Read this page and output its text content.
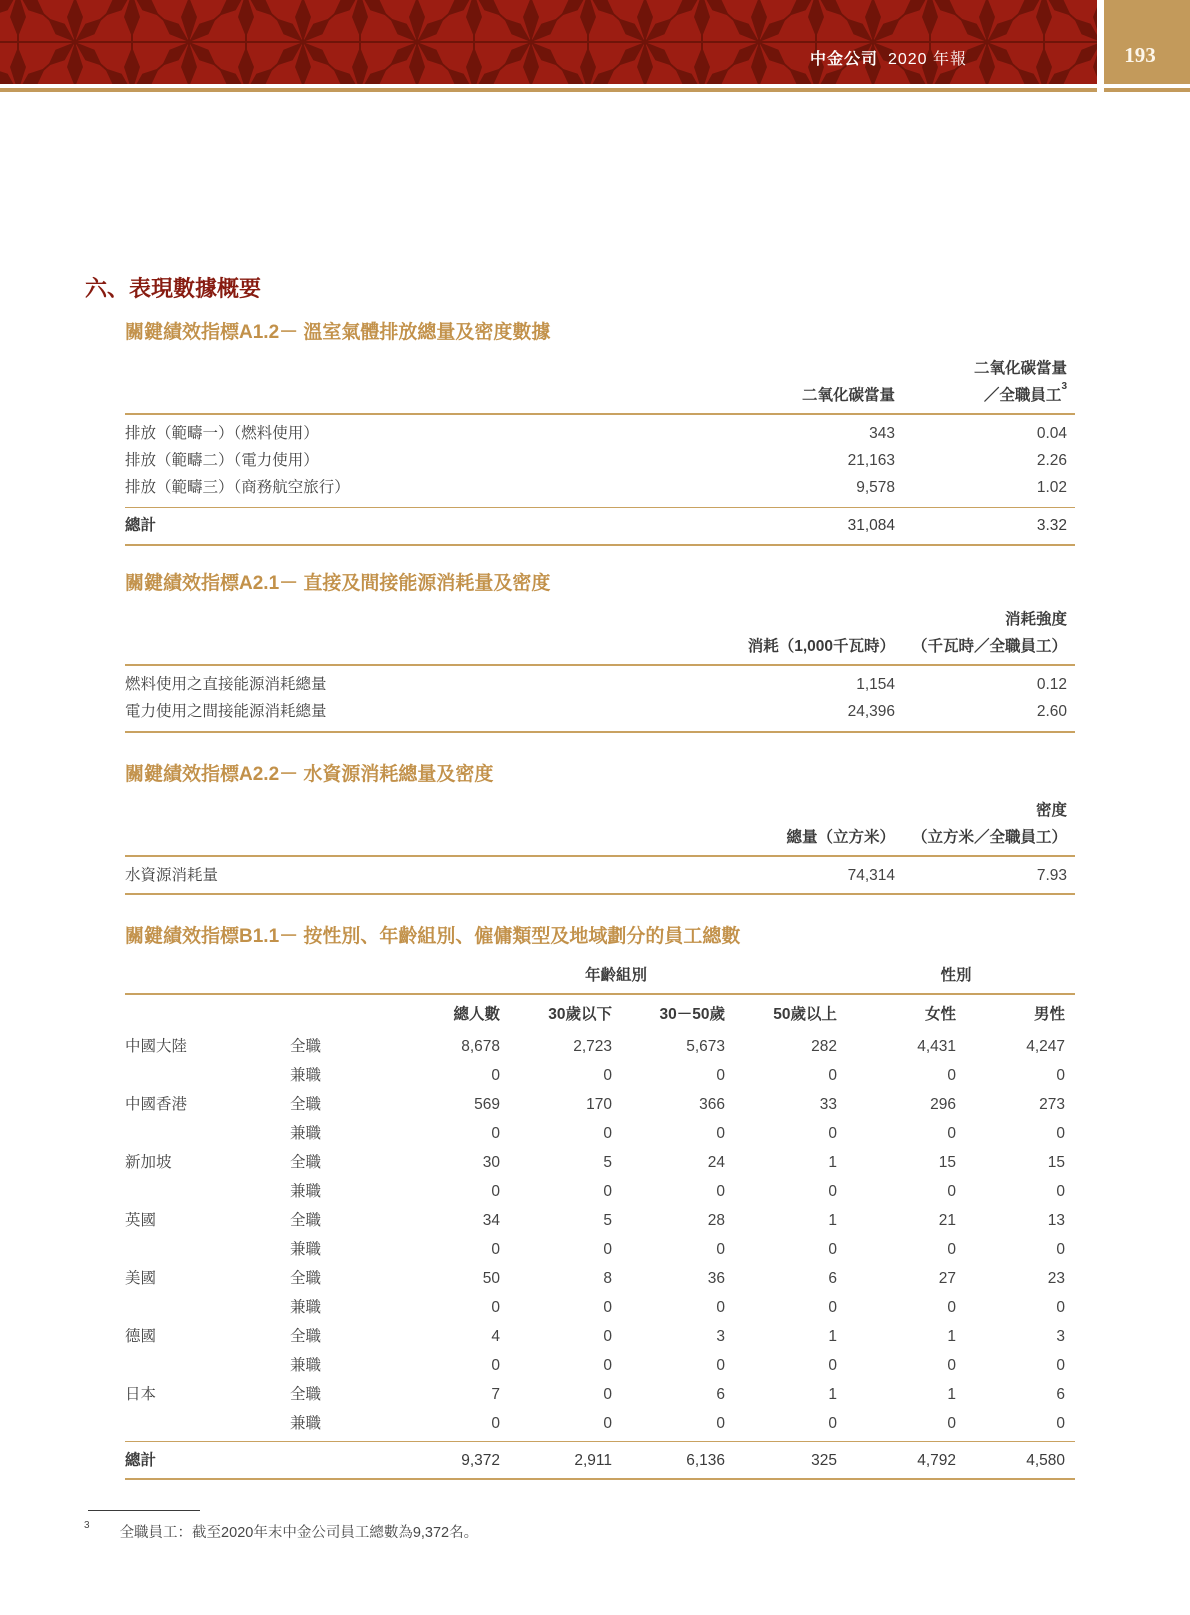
中金公司 2020 年報	193
六、表現數據概要
關鍵績效指標A1.2－ 溫室氣體排放總量及密度數據
二氧化碳當量
二氧化碳當量	／全職員工$^3$
排放（範疇一）（燃料使用）	343	0.04
排放（範疇二）（電力使用）	21,163	2.26
排放（範疇三）（商務航空旅行）	9,578	1.02
總計	31,084	3.32
關鍵績效指標A2.1－ 直接及間接能源消耗量及密度
消耗強度
消耗（1,000千瓦時）	（千瓦時／全職員工）
燃料使用之直接能源消耗總量	1,154	0.12
電力使用之間接能源消耗總量	24,396	2.60
關鍵績效指標A2.2－ 水資源消耗總量及密度
密度
總量（立方米）	（立方米／全職員工）
水資源消耗量	74,314	7.93
關鍵績效指標B1.1－ 按性別、年齡組別、僱傭類型及地域劃分的員工總數
年齡組別	性別
總人數	30歲以下	30－50歲	50歲以上	女性	男性
中國大陸	全職	8,678	2,723	5,673	282	4,431	4,247
兼職	0	0	0	0	0	0
中國香港	全職	569	170	366	33	296	273
兼職	0	0	0	0	0	0
新加坡	全職	30	5	24	1	15	15
兼職	0	0	0	0	0	0
英國	全職	34	5	28	1	21	13
兼職	0	0	0	0	0	0
美國	全職	50	8	36	6	27	23
兼職	0	0	0	0	0	0
德國	全職	4	0	3	1	1	3
兼職	0	0	0	0	0	0
日本	全職	7	0	6	1	1	6
兼職	0	0	0	0	0	0
總計	9,372	2,911	6,136	325	4,792	4,580
$^3$ 全職員工：截至2020年末中金公司員工總數為9,372名。
